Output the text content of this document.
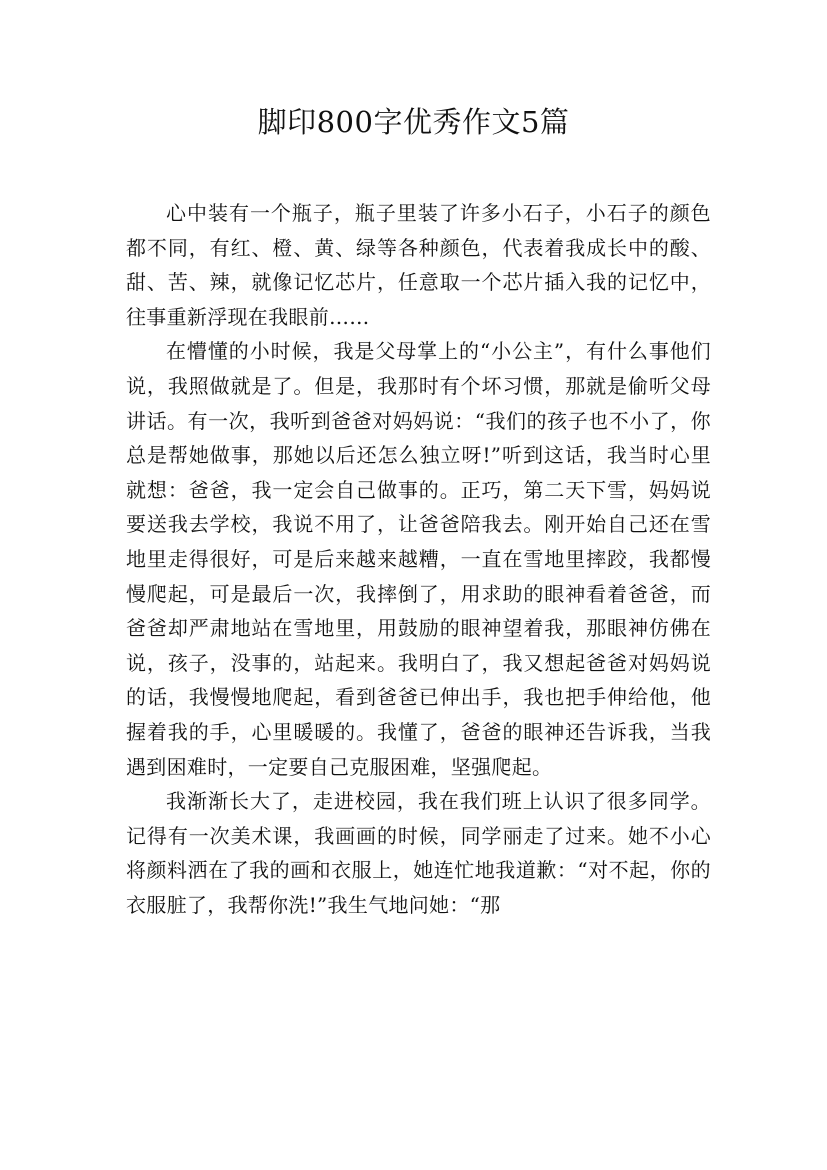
脚印800字优秀作文5篇

心中装有一个瓶子，瓶子里装了许多小石子，小石子的颜色都不同，有红、橙、黄、绿等各种颜色，代表着我成长中的酸、甜、苦、辣，就像记忆芯片，任意取一个芯片插入我的记忆中，往事重新浮现在我眼前……

在懵懂的小时候，我是父母掌上的“小公主”，有什么事他们说，我照做就是了。但是，我那时有个坏习惯，那就是偷听父母讲话。有一次，我听到爸爸对妈妈说：“我们的孩子也不小了，你总是帮她做事，那她以后还怎么独立呀!”听到这话，我当时心里就想：爸爸，我一定会自己做事的。正巧，第二天下雪，妈妈说要送我去学校，我说不用了，让爸爸陪我去。刚开始自己还在雪地里走得很好，可是后来越来越糟，一直在雪地里摔跤，我都慢慢爬起，可是最后一次，我摔倒了，用求助的眼神看着爸爸，而爸爸却严肃地站在雪地里，用鼓励的眼神望着我，那眼神仿佛在说，孩子，没事的，站起来。我明白了，我又想起爸爸对妈妈说的话，我慢慢地爬起，看到爸爸已伸出手，我也把手伸给他，他握着我的手，心里暖暖的。我懂了，爸爸的眼神还告诉我，当我遇到困难时，一定要自己克服困难，坚强爬起。

我渐渐长大了，走进校园，我在我们班上认识了很多同学。记得有一次美术课，我画画的时候，同学丽走了过来。她不小心将颜料洒在了我的画和衣服上，她连忙地我道歉：“对不起，你的衣服脏了，我帮你洗!”我生气地问她：“那
